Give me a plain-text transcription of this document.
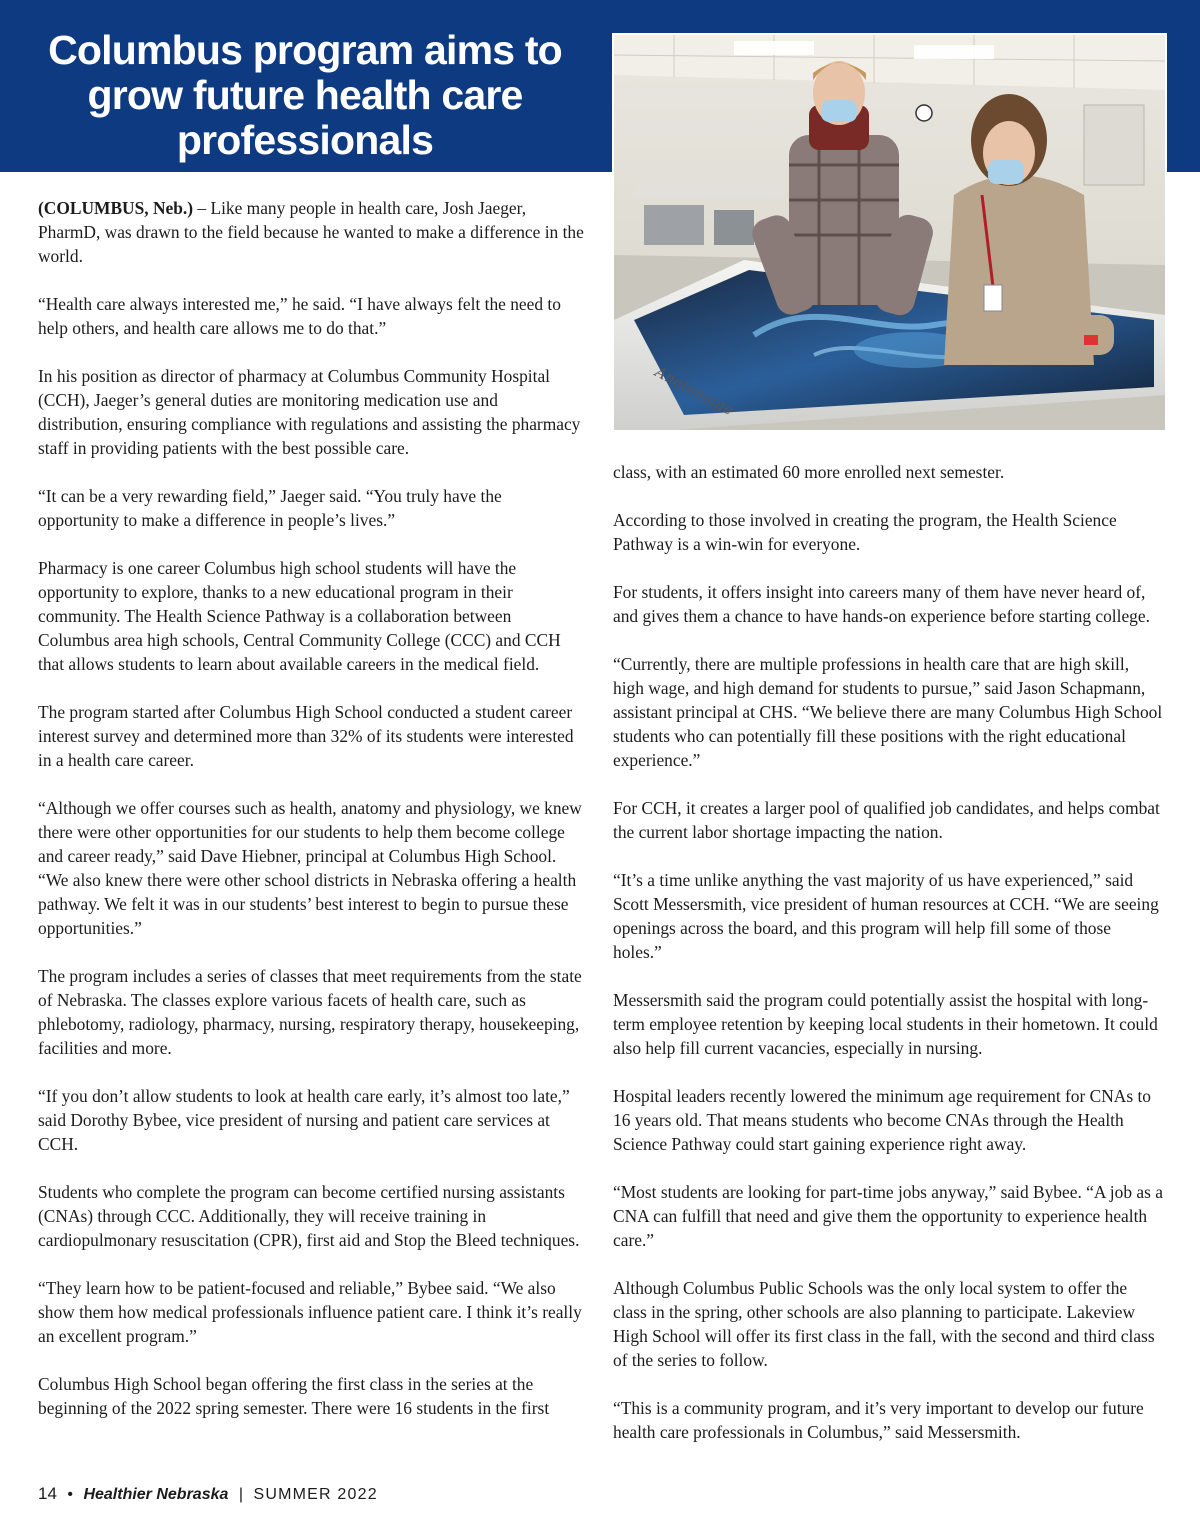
Columbus program aims to grow future health care professionals
Anatomage

(COLUMBUS, Neb.) – Like many people in health care, Josh Jaeger, PharmD, was drawn to the field because he wanted to make a difference in the world.

“Health care always interested me,” he said. “I have always felt the need to help others, and health care allows me to do that.”

In his position as director of pharmacy at Columbus Community Hospital (CCH), Jaeger’s general duties are monitoring medication use and distribution, ensuring compliance with regulations and assisting the pharmacy staff in providing patients with the best possible care.

“It can be a very rewarding field,” Jaeger said. “You truly have the opportunity to make a difference in people’s lives.”

Pharmacy is one career Columbus high school students will have the opportunity to explore, thanks to a new educational program in their community. The Health Science Pathway is a collaboration between Columbus area high schools, Central Community College (CCC) and CCH that allows students to learn about available careers in the medical field.

The program started after Columbus High School conducted a student career interest survey and determined more than 32% of its students were interested in a health care career.

“Although we offer courses such as health, anatomy and physiology, we knew there were other opportunities for our students to help them become college and career ready,” said Dave Hiebner, principal at Columbus High School. “We also knew there were other school districts in Nebraska offering a health pathway. We felt it was in our students’ best interest to begin to pursue these opportunities.”

The program includes a series of classes that meet requirements from the state of Nebraska. The classes explore various facets of health care, such as phlebotomy, radiology, pharmacy, nursing, respiratory therapy, housekeeping, facilities and more.

“If you don’t allow students to look at health care early, it’s almost too late,” said Dorothy Bybee, vice president of nursing and patient care services at CCH.

Students who complete the program can become certified nursing assistants (CNAs) through CCC. Additionally, they will receive training in cardiopulmonary resuscitation (CPR), first aid and Stop the Bleed techniques.

“They learn how to be patient-focused and reliable,” Bybee said. “We also show them how medical professionals influence patient care. I think it’s really an excellent program.”

Columbus High School began offering the first class in the series at the beginning of the 2022 spring semester. There were 16 students in the first

class, with an estimated 60 more enrolled next semester.

According to those involved in creating the program, the Health Science Pathway is a win-win for everyone.

For students, it offers insight into careers many of them have never heard of, and gives them a chance to have hands-on experience before starting college.

“Currently, there are multiple professions in health care that are high skill, high wage, and high demand for students to pursue,” said Jason Schapmann, assistant principal at CHS. “We believe there are many Columbus High School students who can potentially fill these positions with the right educational experience.”

For CCH, it creates a larger pool of qualified job candidates, and helps combat the current labor shortage impacting the nation.

“It’s a time unlike anything the vast majority of us have experienced,” said Scott Messersmith, vice president of human resources at CCH. “We are seeing openings across the board, and this program will help fill some of those holes.”

Messersmith said the program could potentially assist the hospital with long-term employee retention by keeping local students in their hometown. It could also help fill current vacancies, especially in nursing.

Hospital leaders recently lowered the minimum age requirement for CNAs to 16 years old. That means students who become CNAs through the Health Science Pathway could start gaining experience right away.

“Most students are looking for part-time jobs anyway,” said Bybee. “A job as a CNA can fulfill that need and give them the opportunity to experience health care.”

Although Columbus Public Schools was the only local system to offer the class in the spring, other schools are also planning to participate. Lakeview High School will offer its first class in the fall, with the second and third class of the series to follow.

“This is a community program, and it’s very important to develop our future health care professionals in Columbus,” said Messersmith.

14 • Healthier Nebraska | SUMMER 2022
